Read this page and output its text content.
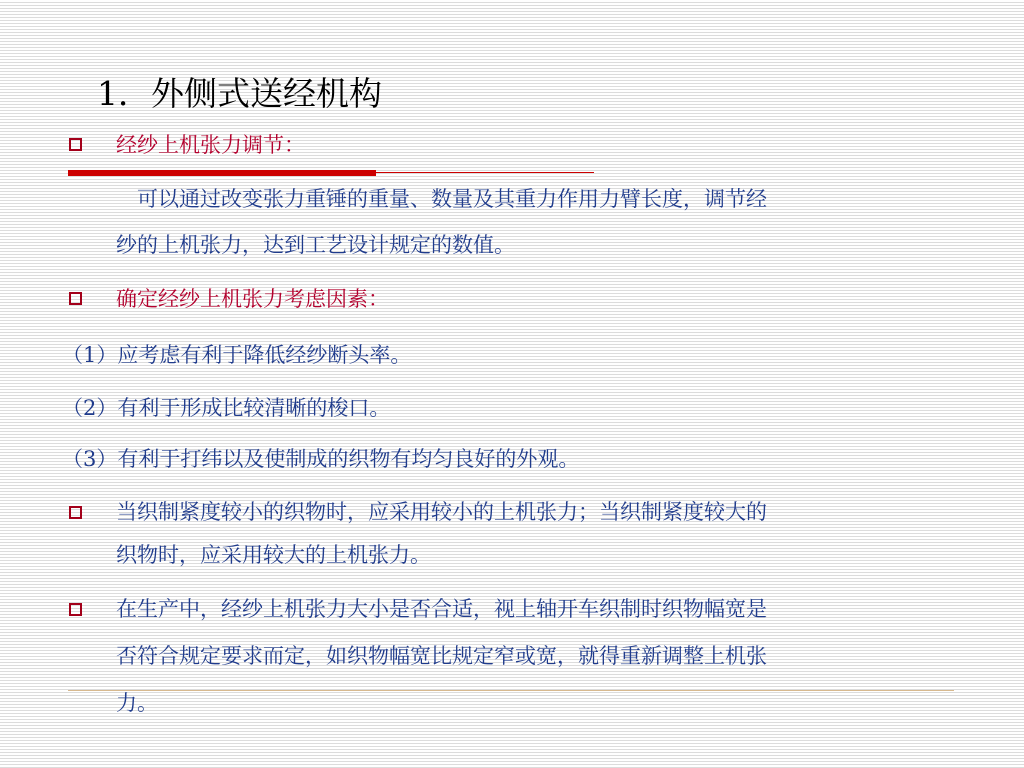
1．外侧式送经机构

经纱上机张力调节：

可以通过改变张力重锤的重量、数量及其重力作用力臂长度，调节经

纱的上机张力，达到工艺设计规定的数值。

确定经纱上机张力考虑因素：

（1）应考虑有利于降低经纱断头率。

（2）有利于形成比较清晰的梭口。

（3）有利于打纬以及使制成的织物有均匀良好的外观。

当织制紧度较小的织物时，应采用较小的上机张力；当织制紧度较大的

织物时，应采用较大的上机张力。

在生产中，经纱上机张力大小是否合适，视上轴开车织制时织物幅宽是

否符合规定要求而定，如织物幅宽比规定窄或宽，就得重新调整上机张

力。
